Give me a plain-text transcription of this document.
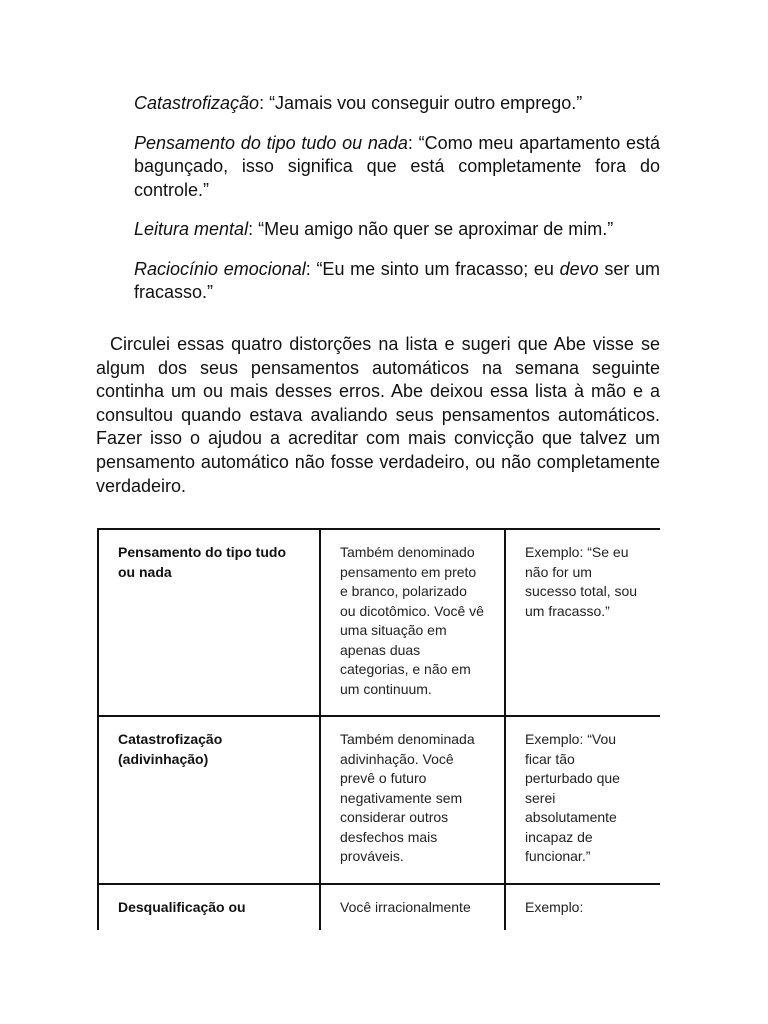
Catastrofização: “Jamais vou conseguir outro emprego.”

Pensamento do tipo tudo ou nada: “Como meu apartamento está bagunçado, isso significa que está completamente fora do controle.”

Leitura mental: “Meu amigo não quer se aproximar de mim.”

Raciocínio emocional: “Eu me sinto um fracasso; eu devo ser um fracasso.”

Circulei essas quatro distorções na lista e sugeri que Abe visse se algum dos seus pensamentos automáticos na semana seguinte continha um ou mais desses erros. Abe deixou essa lista à mão e a consultou quando estava avaliando seus pensamentos automáticos. Fazer isso o ajudou a acreditar com mais convicção que talvez um pensamento automático não fosse verdadeiro, ou não completamente verdadeiro.

Pensamento do tipo tudo ou nada	Também denominado pensamento em preto e branco, polarizado ou dicotômico. Você vê uma situação em apenas duas categorias, e não em um continuum.	Exemplo: “Se eu não for um sucesso total, sou um fracasso.”
Catastrofização (adivinhação)	Também denominada adivinhação. Você prevê o futuro negativamente sem considerar outros desfechos mais prováveis.	Exemplo: “Vou ficar tão perturbado que serei absolutamente incapaz de funcionar.”
Desqualificação ou	Você irracionalmente	Exemplo:
